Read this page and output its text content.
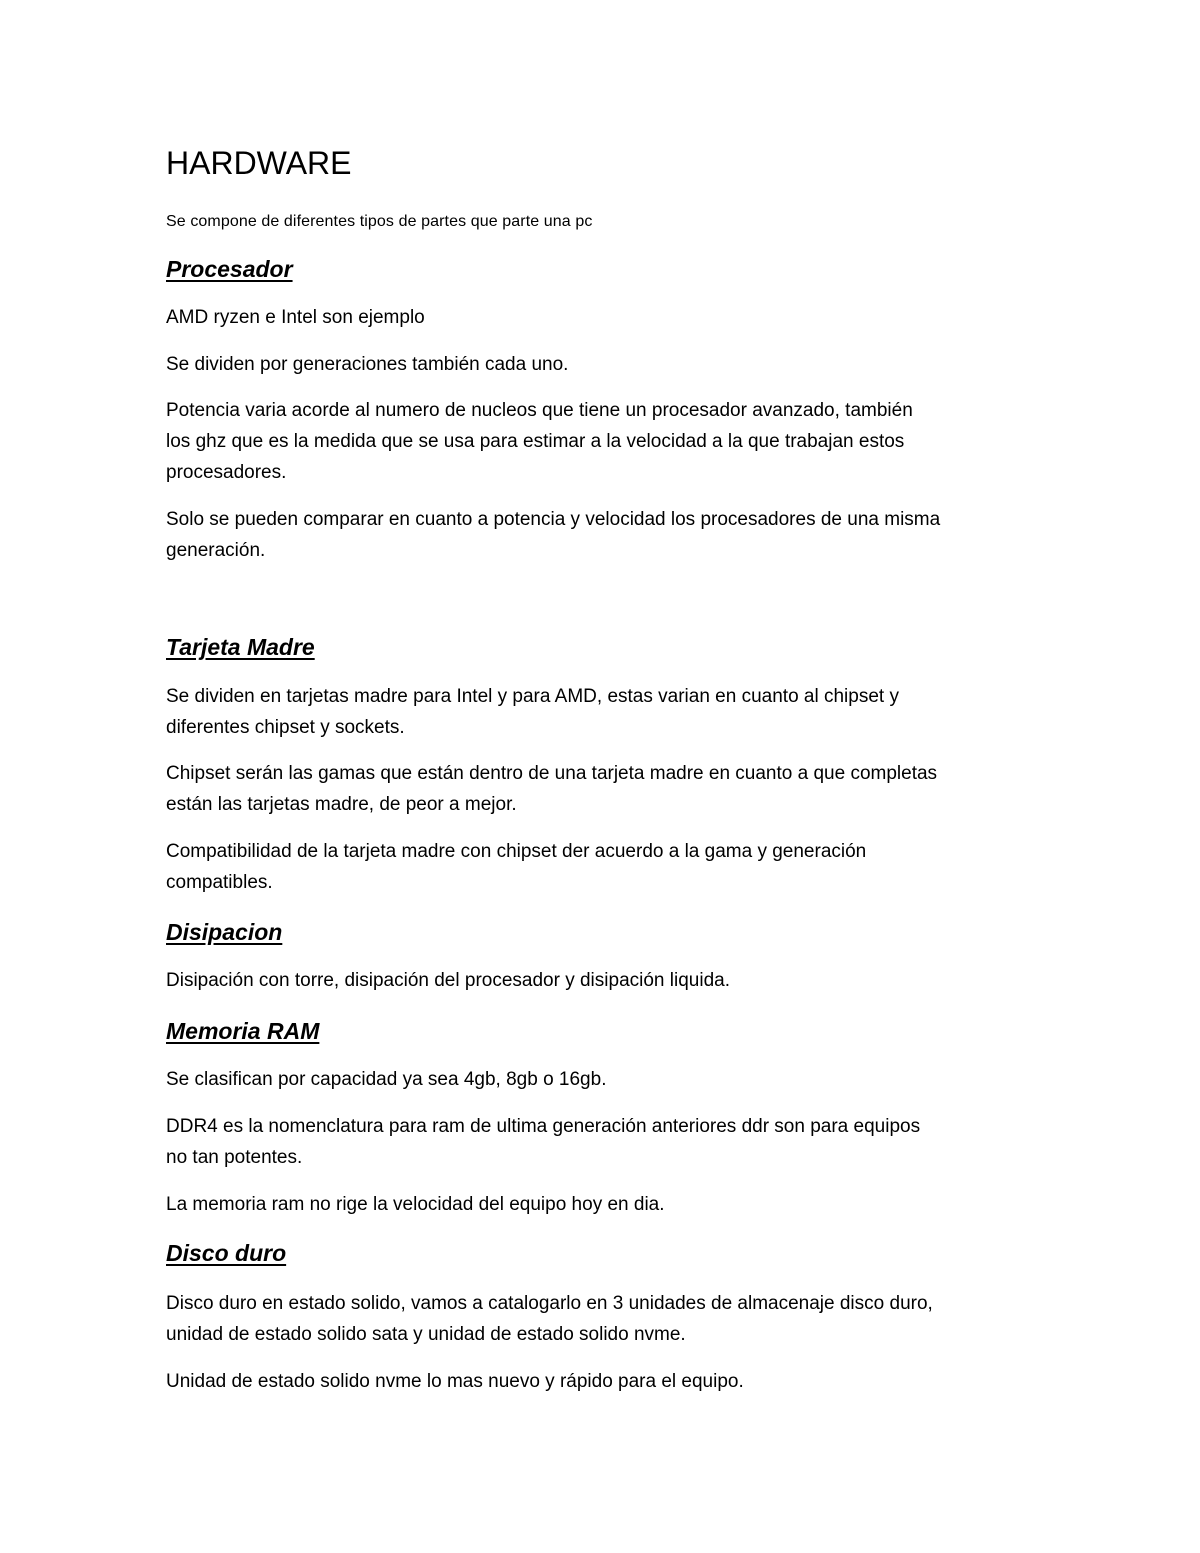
HARDWARE

Se compone de diferentes tipos de partes que parte una pc

Procesador

AMD ryzen e Intel son ejemplo

Se dividen por generaciones también cada uno.

Potencia varia acorde al numero de nucleos que tiene un procesador avanzado, también
los ghz que es la medida que se usa para estimar a la velocidad a la que trabajan estos
procesadores.

Solo se pueden comparar en cuanto a potencia y velocidad los procesadores de una misma
generación.

Tarjeta Madre

Se dividen en tarjetas madre para Intel y para AMD, estas varian en cuanto al chipset y
diferentes chipset y sockets.

Chipset serán las gamas que están dentro de una tarjeta madre en cuanto a que completas
están las tarjetas madre, de peor a mejor.

Compatibilidad de la tarjeta madre con chipset der acuerdo a la gama y generación
compatibles.

Disipacion

Disipación con torre, disipación del procesador y disipación liquida.

Memoria RAM

Se clasifican por capacidad ya sea 4gb, 8gb o 16gb.

DDR4 es la nomenclatura para ram de ultima generación anteriores ddr son para equipos
no tan potentes.

La memoria ram no rige la velocidad del equipo hoy en dia.

Disco duro

Disco duro en estado solido, vamos a catalogarlo en 3 unidades de almacenaje disco duro,
unidad de estado solido sata y unidad de estado solido nvme.

Unidad de estado solido nvme lo mas nuevo y rápido para el equipo.
